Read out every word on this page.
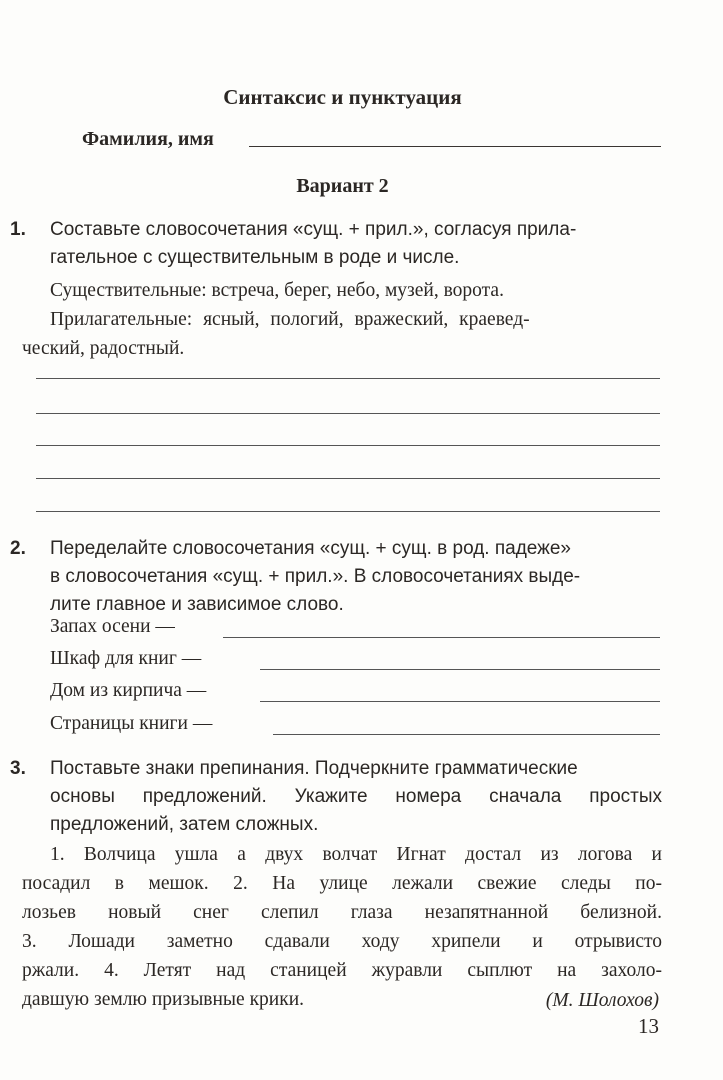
Синтаксис и пунктуация
Фамилия, имя
Вариант 2
1. Составьте словосочетания «сущ. + прил.», согласуя прила-
гательное с существительным в роде и числе.
Существительные: встреча, берег, небо, музей, ворота.
Прилагательные: ясный, пологий, вражеский, краевед-
ческий, радостный.
2. Переделайте словосочетания «сущ. + сущ. в род. падеже»
в словосочетания «сущ. + прил.». В словосочетаниях выде-
лите главное и зависимое слово.
Запах осени —
Шкаф для книг —
Дом из кирпича —
Страницы книги —
3. Поставьте знаки препинания. Подчеркните грамматические
основы предложений. Укажите номера сначала простых
предложений, затем сложных.
1. Волчица ушла а двух волчат Игнат достал из логова и
посадил в мешок. 2. На улице лежали свежие следы по-
лозьев новый снег слепил глаза незапятнанной белизной.
3. Лошади заметно сдавали ходу хрипели и отрывисто
ржали. 4. Летят над станицей журавли сыплют на захоло-
давшую землю призывные крики.	(М. Шолохов)
13
